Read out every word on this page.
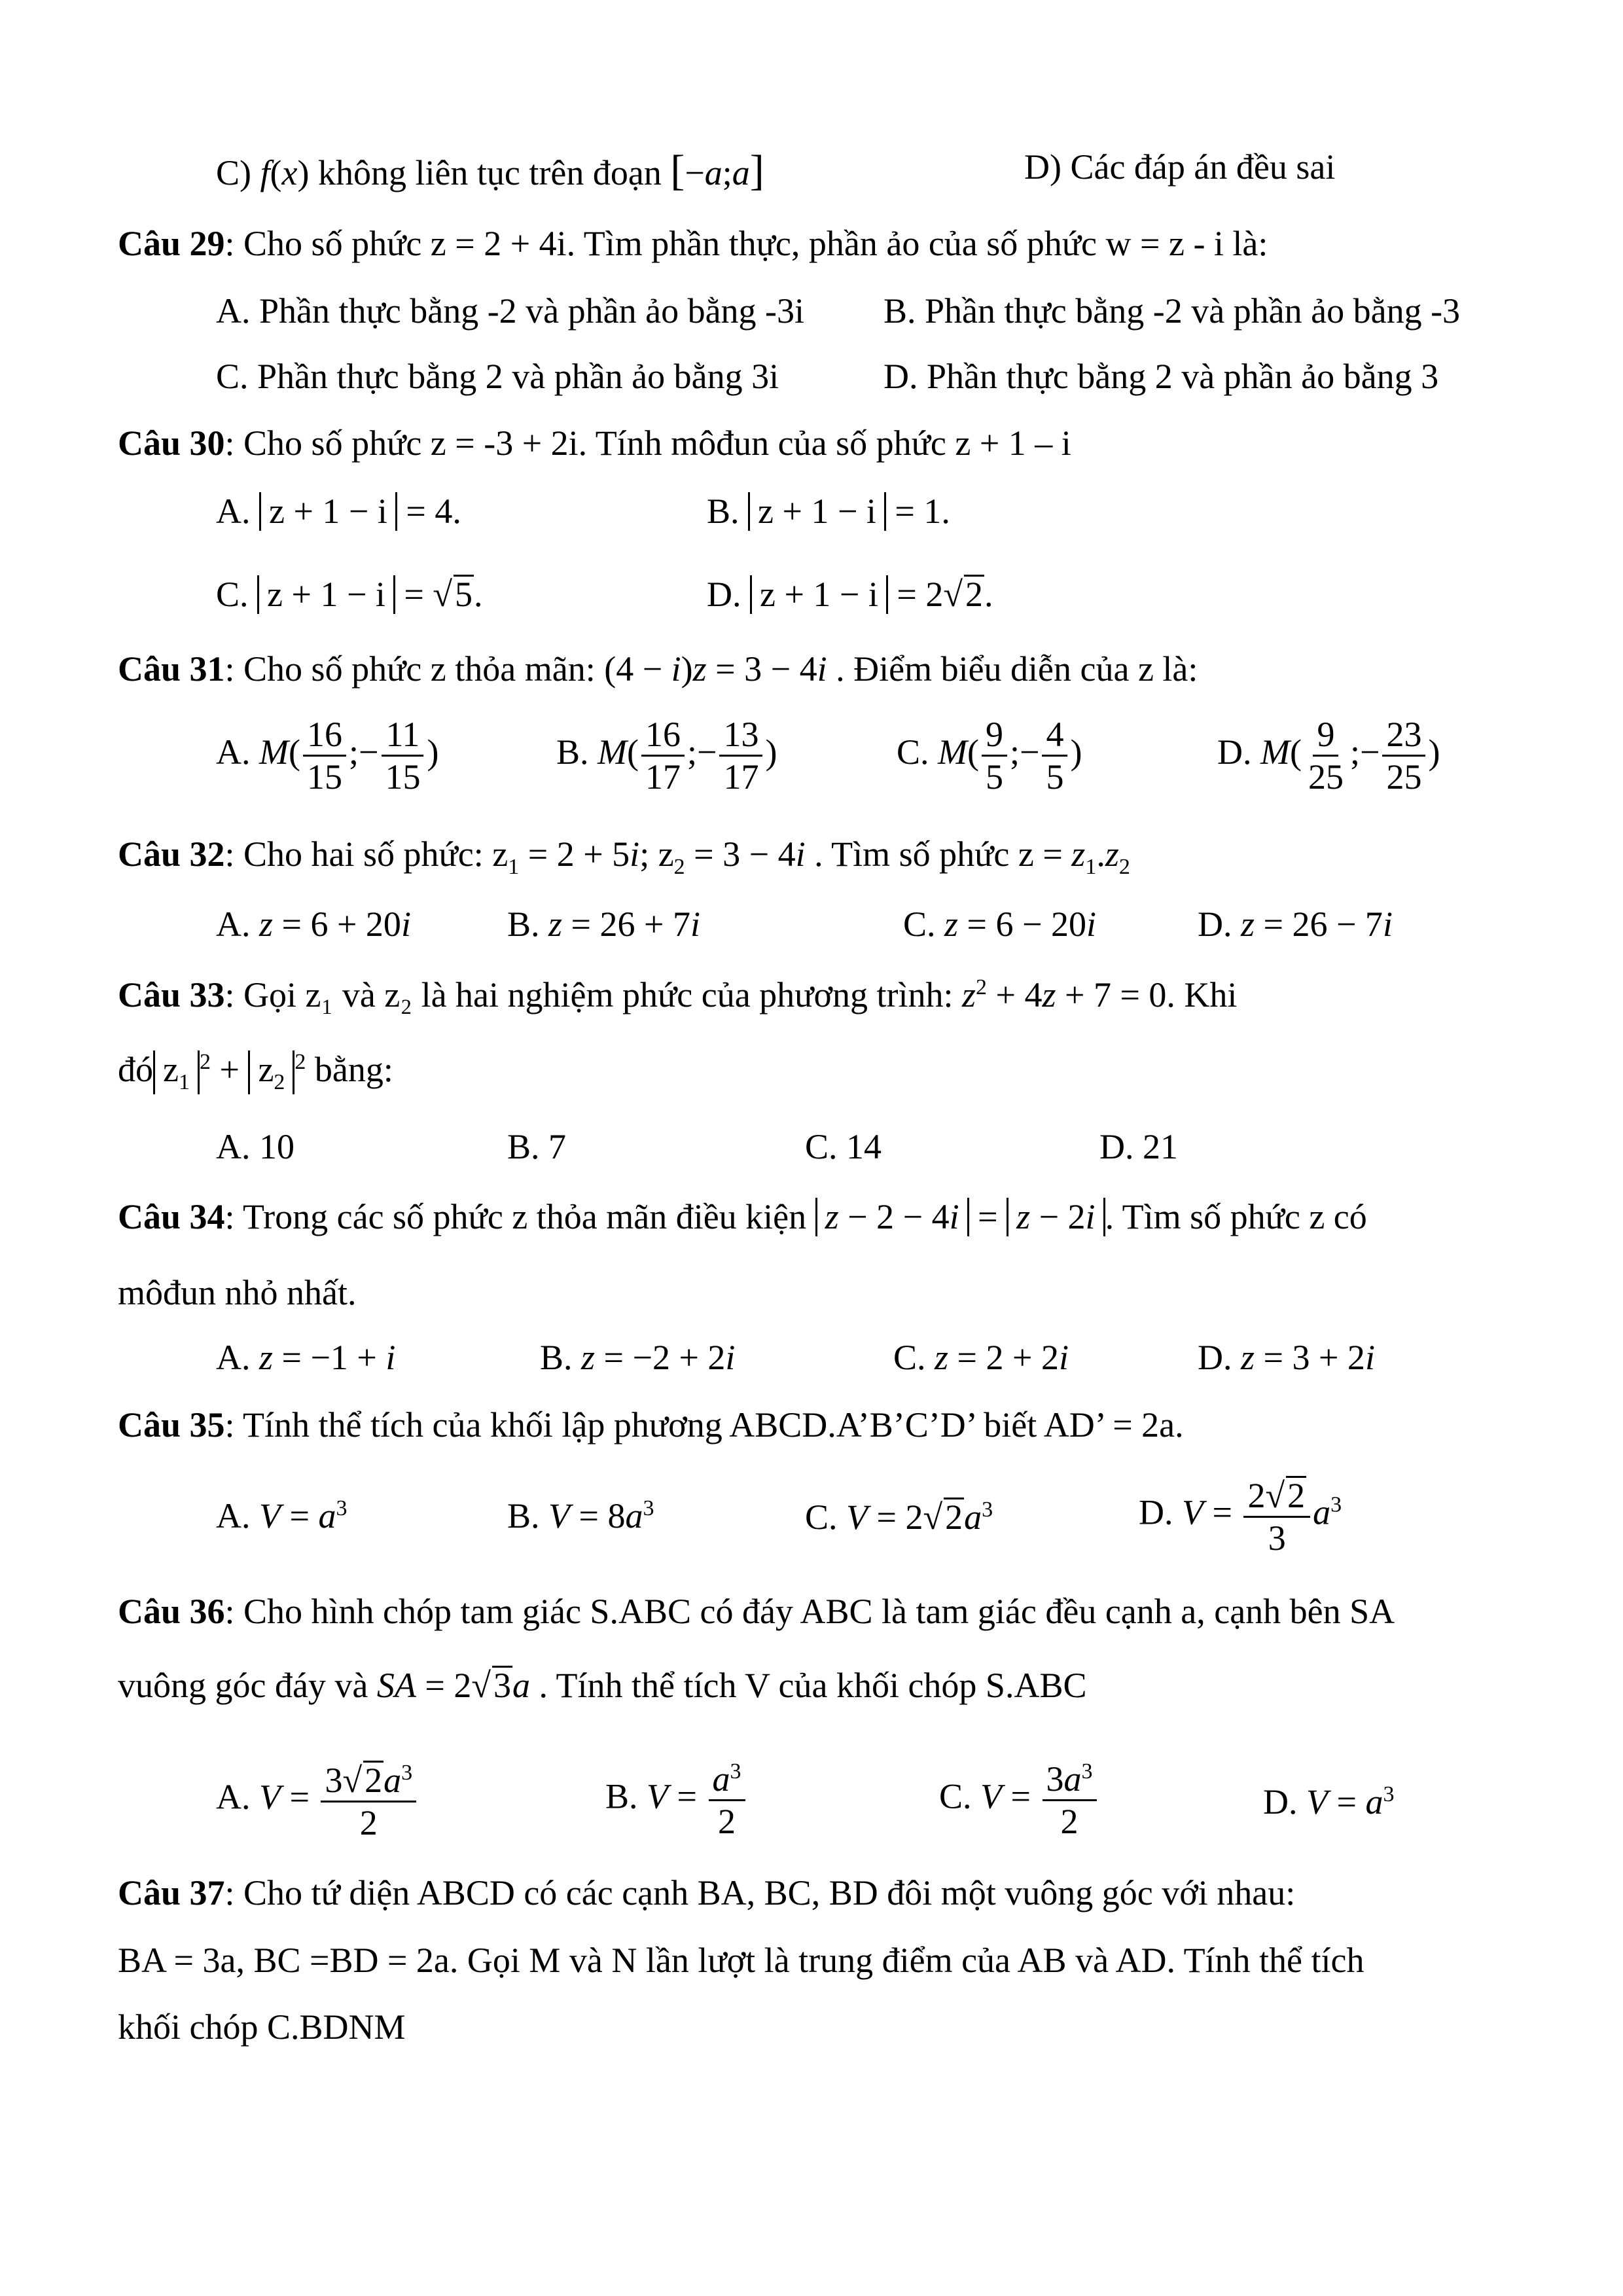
C) f(x) không liên tục trên đoạn [−a;a]	D) Các đáp án đều sai
Câu 29: Cho số phức z = 2 + 4i. Tìm phần thực, phần ảo của số phức w = z - i là:
A. Phần thực bằng -2 và phần ảo bằng -3i B. Phần thực bằng -2 và phần ảo bằng -3
C. Phần thực bằng 2 và phần ảo bằng 3i	D. Phần thực bằng 2 và phần ảo bằng 3
Câu 30: Cho số phức z = -3 + 2i. Tính môđun của số phức z + 1 – i
A. z + 1 − i = 4.	B. z + 1 − i = 1.
C. z + 1 − i = √5.	D. z + 1 − i = 2√2.
Câu 31: Cho số phức z thỏa mãn: (4 − i)z = 3 − 4i . Điểm biểu diễn của z là:
A. $M( \frac{16}{15}$ ;− $\frac{11}{15}$ )	B. $M( \frac{16}{17}$ ;− $\frac{13}{17}$ )	C. $M( \frac{9}{5}$ ;− $\frac{4}{5}$ )	D. $M( \frac{9}{25}$ ;− $\frac{23}{25}$ )
Câu 32: Cho hai số phức: $z_1 = 2 + 5i$; $z_2 = 3 - 4i$ . Tìm số phức $z = z_1.z_2$
A. z = 6 + 20i	B. z = 26 + 7i	C. z = 6 − 20i	D. z = 26 − 7i
Câu 33: Gọi z₁ và z₂ là hai nghiệm phức của phương trình: $z^2 + 4z + 7 = 0$. Khi
đó $z_1^2 + z_2^2$ bằng:
A. 10	B. 7	C. 14	D. 21
Câu 34: Trong các số phức z thỏa mãn điều kiện z − 2 − 4i = z − 2i . Tìm số phức z có
môđun nhỏ nhất.
A. z = −1 + i	B. z = −2 + 2i	C. z = 2 + 2i	D. z = 3 + 2i
Câu 35: Tính thể tích của khối lập phương ABCD.A’B’C’D’ biết AD’ = 2a.
A. $V = a^3$	B. $V = 8a^3$	C. $V = 2√2a^3$	D. $V = \frac{2√2}{3} a^3$
Câu 36: Cho hình chóp tam giác S.ABC có đáy ABC là tam giác đều cạnh a, cạnh bên SA
vuông góc đáy và SA = 2√3a . Tính thể tích V của khối chóp S.ABC
A. $V = \frac{3√2a^3}{2}$	B. $V = \frac{a^3}{2}$	C. $V = \frac{3a^3}{2}$	D. $V = a^3$
Câu 37: Cho tứ diện ABCD có các cạnh BA, BC, BD đôi một vuông góc với nhau:
BA = 3a, BC =BD = 2a. Gọi M và N lần lượt là trung điểm của AB và AD. Tính thể tích
khối chóp C.BDNM
